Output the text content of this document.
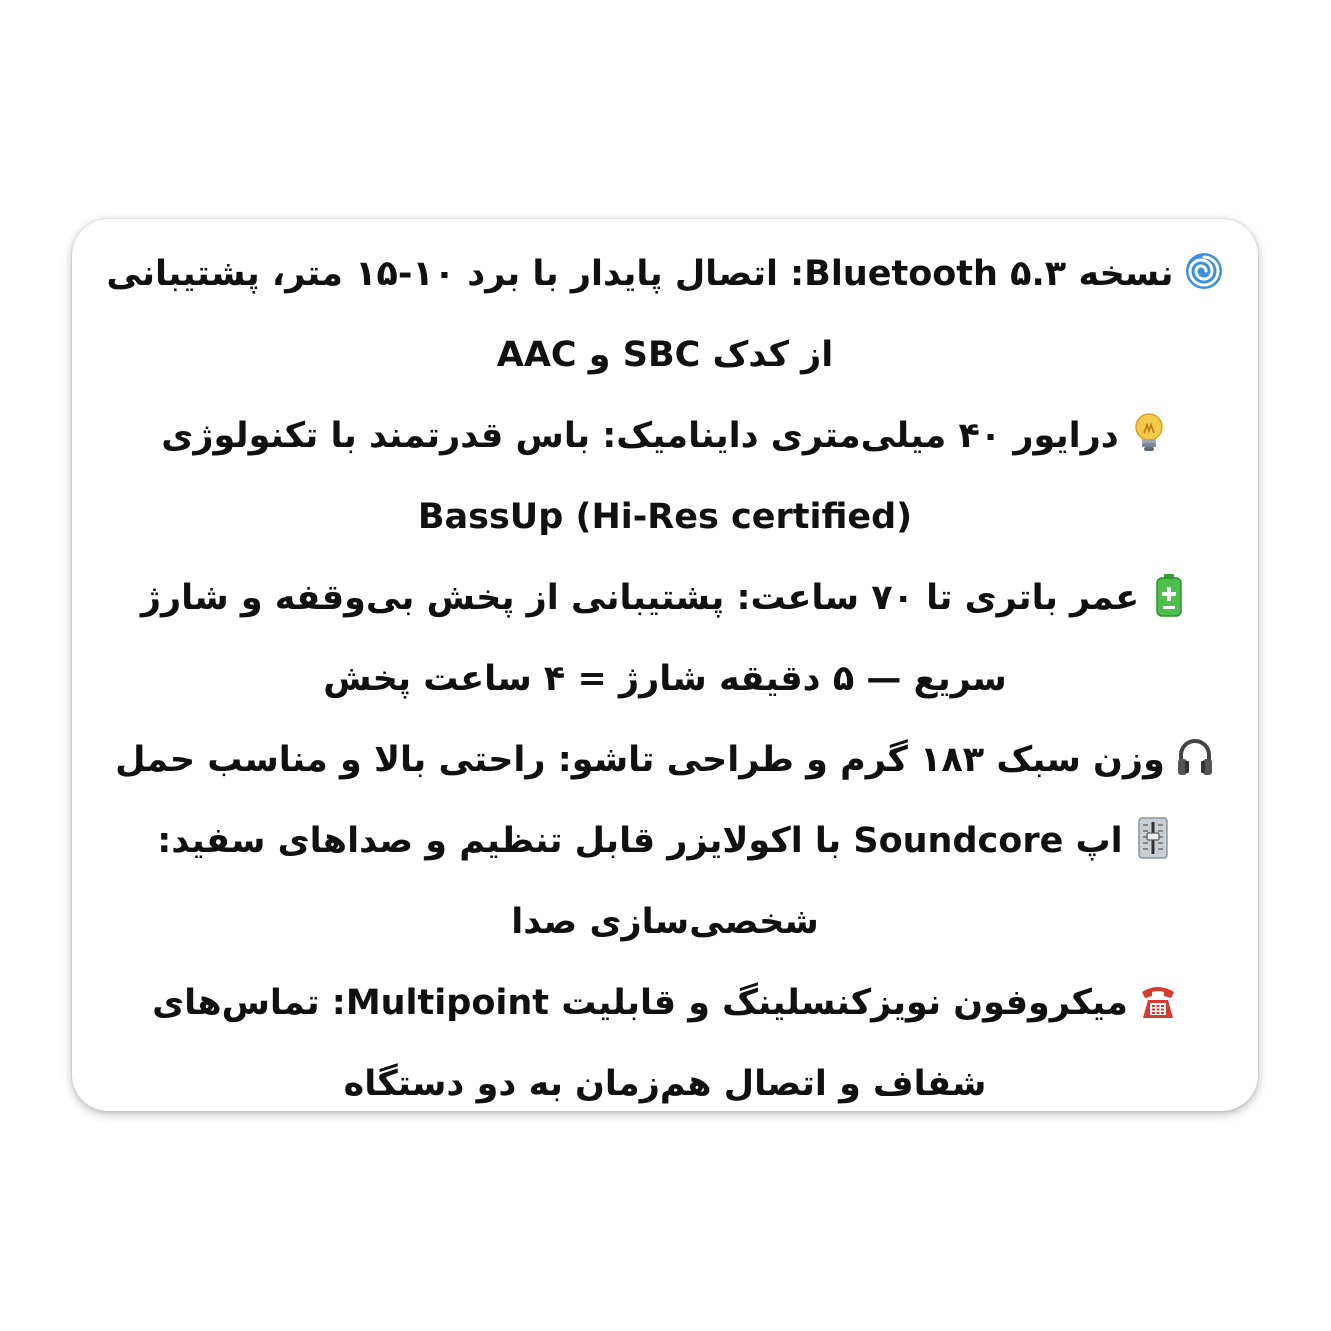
نسخه ۵.۳ Bluetooth: اتصال پایدار با برد ۱۰-۱۵ متر، پشتیبانی از کدک SBC و AAC
درایور ۴۰ میلی‌متری داینامیک: باس قدرتمند با تکنولوژی BassUp (Hi-Res certified)
عمر باتری تا ۷۰ ساعت: پشتیبانی از پخش بی‌وقفه و شارژ سریع — ۵ دقیقه شارژ = ۴ ساعت پخش
وزن سبک ۱۸۳ گرم و طراحی تاشو: راحتی بالا و مناسب حمل
اپ Soundcore با اکولایزر قابل تنظیم و صداهای سفید: شخصی‌سازی صدا
میکروفون نویزکنسلینگ و قابلیت Multipoint: تماس‌های شفاف و اتصال هم‌زمان به دو دستگاه
